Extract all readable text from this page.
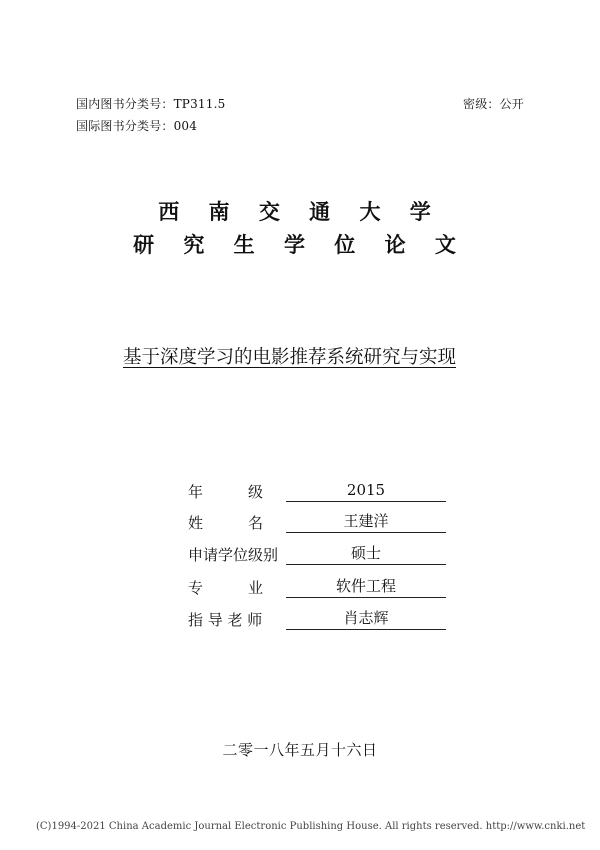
国内图书分类号：TP311.5	密级：公开
国际图书分类号：004
西 南 交 通 大 学
研 究 生 学 位 论 文
基于深度学习的电影推荐系统研究与实现
年　　　级	2015
姓　　　名	王建洋
申请学位级别	硕士
专　　　业	软件工程
指 导 老 师	肖志辉
二零一八年五月十六日
(C)1994-2021 China Academic Journal Electronic Publishing House. All rights reserved. http://www.cnki.net
